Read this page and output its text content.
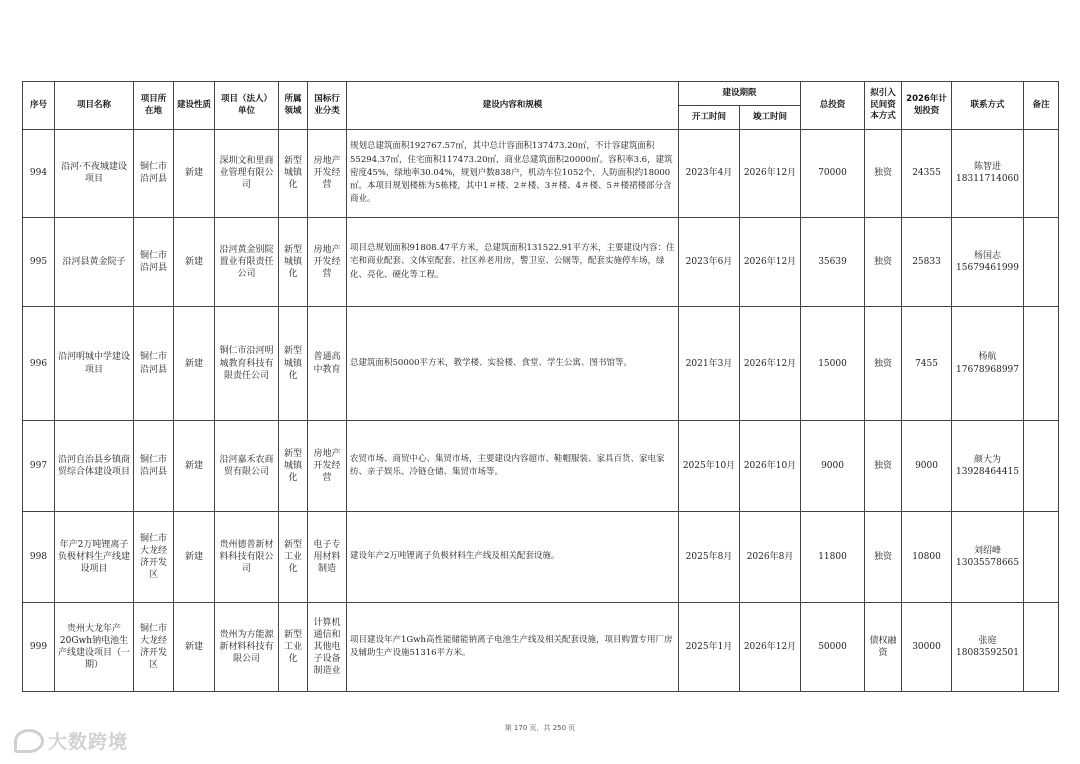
序号	项目名称	项目所在地	建设性质	项目（法人）单位	所属领域	国标行业分类	建设内容和规模	建设期限		总投资	拟引入民间资本方式	2026年计划投资	联系方式	备注
								开工时间	竣工时间					
994	沿河·不夜城建设项目	铜仁市沿河县	新建	深圳文和里商业管理有限公司	新型城镇化	房地产开发经营	规划总建筑面积192767.57㎡，其中总计容面积137473.20㎡，不计容建筑面积55294.37㎡，住宅面积117473.20㎡，商业总建筑面积20000㎡。容积率3.6，建筑密度45%，绿地率30.04%，规划户数838户，机动车位1052个，人防面积约18000㎡。本项目规划楼栋为5栋楼，其中1＃楼、2＃楼、3＃楼、4＃楼、5＃楼裙楼部分含商业。	2023年4月	2026年12月	70000	独资	24355	陈智进 18311714060	
995	沿河县黄金院子	铜仁市沿河县	新建	沿河黄金别院置业有限责任公司	新型城镇化	房地产开发经营	项目总规划面积91808.47平方米，总建筑面积131522.91平方米，主要建设内容：住宅和商业配套、文体室配套、社区养老用房，警卫室、公厕等，配套实施停车场，绿化、亮化、硬化等工程。	2023年6月	2026年12月	35639	独资	25833	杨国志 15679461999	
996	沿河明城中学建设项目	铜仁市沿河县	新建	铜仁市沿河明城教育科技有限责任公司	新型城镇化	普通高中教育	总建筑面积50000平方米，教学楼、实验楼、食堂、学生公寓、图书馆等。	2021年3月	2026年12月	15000	独资	7455	杨航 17678968997	
997	沿河自治县乡镇商贸综合体建设项目	铜仁市沿河县	新建	沿河嘉禾农商贸有限公司	新型城镇化	房地产开发经营	农贸市场、商贸中心、集贸市场，主要建设内容超市、鞋帽服装、家具百货、家电家纺、亲子娱乐、冷链仓储、集贸市场等。	2025年10月	2026年10月	9000	独资	9000	颜大为 13928464415	
998	年产2万吨锂离子负极材料生产线建设项目	铜仁市大龙经济开发区	新建	贵州德普新材料科技有限公司	新型工业化	电子专用材料制造	建设年产2万吨锂离子负极材料生产线及相关配套设施。	2025年8月	2026年8月	11800	独资	10800	刘绍峰 13035578665	
999	贵州大龙年产20Gwh钠电池生产线建设项目（一期）	铜仁市大龙经济开发区	新建	贵州为方能源新材料科技有限公司	新型工业化	计算机通信和其他电子设备制造业	项目建设年产1Gwh高性能储能钠离子电池生产线及相关配套设施，项目购置专用厂房及辅助生产设施51316平方米。	2025年1月	2026年12月	50000	债权融资	30000	张庭 18083592501	
第 170 页，共 250 页
大数跨境
